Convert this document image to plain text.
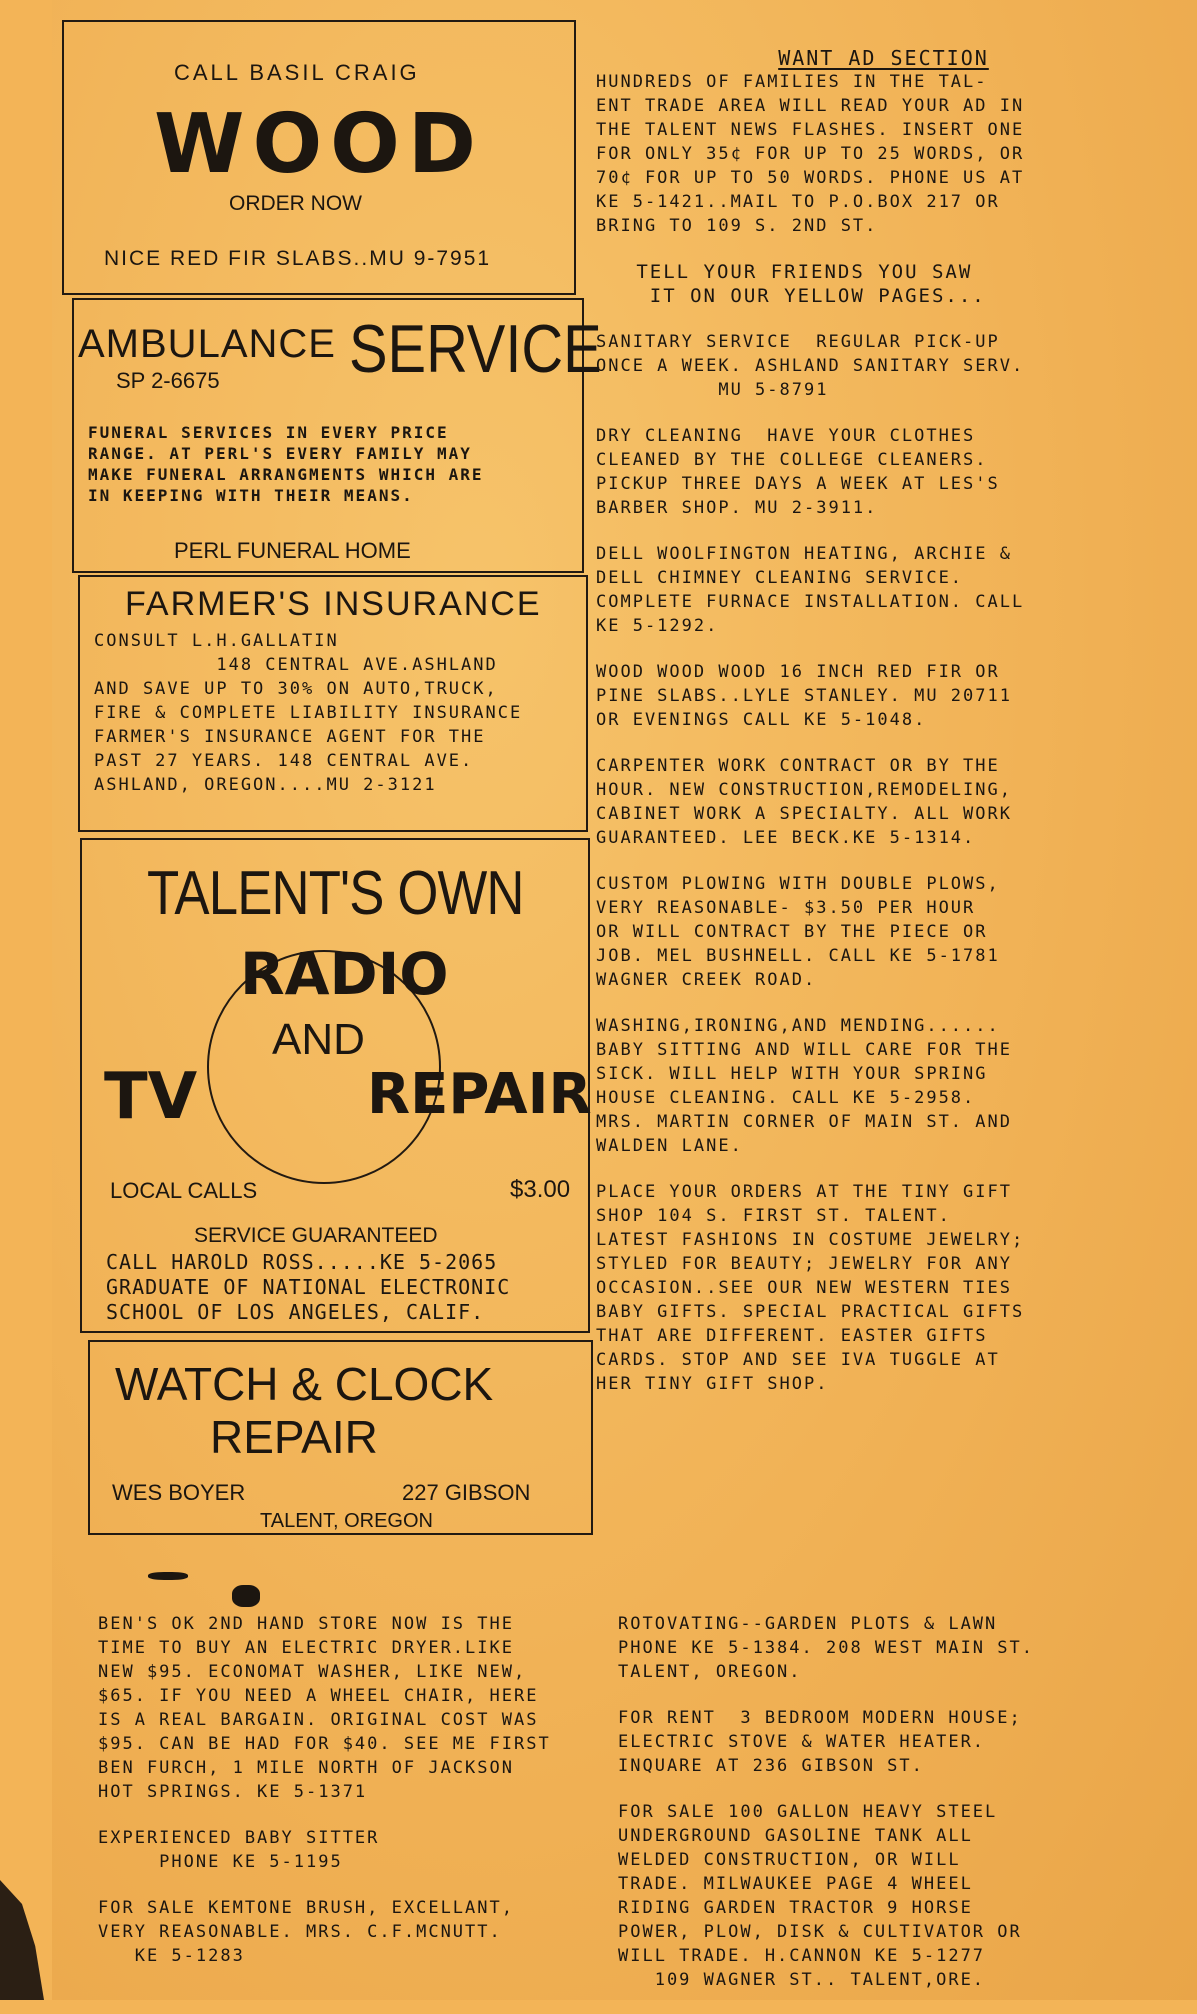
CALL BASIL CRAIG
WOOD
ORDER NOW
NICE RED FIR SLABS..MU 9-7951
AMBULANCE SERVICE
SP 2-6675
FUNERAL SERVICES IN EVERY PRICE
RANGE. AT PERL'S EVERY FAMILY MAY
MAKE FUNERAL ARRANGMENTS WHICH ARE
IN KEEPING WITH THEIR MEANS.
PERL FUNERAL HOME
FARMER'S INSURANCE
CONSULT L.H.GALLATIN
148 CENTRAL AVE.ASHLAND
AND SAVE UP TO 30% ON AUTO,TRUCK,
FIRE & COMPLETE LIABILITY INSURANCE
FARMER'S INSURANCE AGENT FOR THE
PAST 27 YEARS. 148 CENTRAL AVE.
ASHLAND, OREGON....MU 2-3121
TALENT'S OWN
RADIO
AND
TV	REPAIR
LOCAL CALLS	$3.00
SERVICE GUARANTEED
CALL HAROLD ROSS.....KE 5-2065
GRADUATE OF NATIONAL ELECTRONIC
SCHOOL OF LOS ANGELES, CALIF.
WATCH & CLOCK
REPAIR
WES BOYER	227 GIBSON
TALENT, OREGON

WANT AD SECTION

HUNDREDS OF FAMILIES IN THE TAL-
ENT TRADE AREA WILL READ YOUR AD IN
THE TALENT NEWS FLASHES. INSERT ONE
FOR ONLY 35¢ FOR UP TO 25 WORDS, OR
70¢ FOR UP TO 50 WORDS. PHONE US AT
KE 5-1421..MAIL TO P.O.BOX 217 OR
BRING TO 109 S. 2ND ST.

TELL YOUR FRIENDS YOU SAW
IT ON OUR YELLOW PAGES...

SANITARY SERVICE  REGULAR PICK-UP
ONCE A WEEK. ASHLAND SANITARY SERV.
MU 5-8791

DRY CLEANING  HAVE YOUR CLOTHES
CLEANED BY THE COLLEGE CLEANERS.
PICKUP THREE DAYS A WEEK AT LES'S
BARBER SHOP. MU 2-3911.

DELL WOOLFINGTON HEATING, ARCHIE &
DELL CHIMNEY CLEANING SERVICE.
COMPLETE FURNACE INSTALLATION. CALL
KE 5-1292.

WOOD WOOD WOOD 16 INCH RED FIR OR
PINE SLABS..LYLE STANLEY. MU 20711
OR EVENINGS CALL KE 5-1048.

CARPENTER WORK CONTRACT OR BY THE
HOUR. NEW CONSTRUCTION,REMODELING,
CABINET WORK A SPECIALTY. ALL WORK
GUARANTEED. LEE BECK.KE 5-1314.

CUSTOM PLOWING WITH DOUBLE PLOWS,
VERY REASONABLE- $3.50 PER HOUR
OR WILL CONTRACT BY THE PIECE OR
JOB. MEL BUSHNELL. CALL KE 5-1781
WAGNER CREEK ROAD.

WASHING,IRONING,AND MENDING......
BABY SITTING AND WILL CARE FOR THE
SICK. WILL HELP WITH YOUR SPRING
HOUSE CLEANING. CALL KE 5-2958.
MRS. MARTIN CORNER OF MAIN ST. AND
WALDEN LANE.

PLACE YOUR ORDERS AT THE TINY GIFT
SHOP 104 S. FIRST ST. TALENT.
LATEST FASHIONS IN COSTUME JEWELRY;
STYLED FOR BEAUTY; JEWELRY FOR ANY
OCCASION..SEE OUR NEW WESTERN TIES
BABY GIFTS. SPECIAL PRACTICAL GIFTS
THAT ARE DIFFERENT. EASTER GIFTS
CARDS. STOP AND SEE IVA TUGGLE AT
HER TINY GIFT SHOP.

BEN'S OK 2ND HAND STORE NOW IS THE
TIME TO BUY AN ELECTRIC DRYER.LIKE
NEW $95. ECONOMAT WASHER, LIKE NEW,
$65. IF YOU NEED A WHEEL CHAIR, HERE
IS A REAL BARGAIN. ORIGINAL COST WAS
$95. CAN BE HAD FOR $40. SEE ME FIRST
BEN FURCH, 1 MILE NORTH OF JACKSON
HOT SPRINGS. KE 5-1371

EXPERIENCED BABY SITTER
PHONE KE 5-1195

FOR SALE KEMTONE BRUSH, EXCELLANT,
VERY REASONABLE. MRS. C.F.MCNUTT.
KE 5-1283

ROTOVATING--GARDEN PLOTS & LAWN
PHONE KE 5-1384. 208 WEST MAIN ST.
TALENT, OREGON.

FOR RENT  3 BEDROOM MODERN HOUSE;
ELECTRIC STOVE & WATER HEATER.
INQUARE AT 236 GIBSON ST.

FOR SALE 100 GALLON HEAVY STEEL
UNDERGROUND GASOLINE TANK ALL
WELDED CONSTRUCTION, OR WILL
TRADE. MILWAUKEE PAGE 4 WHEEL
RIDING GARDEN TRACTOR 9 HORSE
POWER, PLOW, DISK & CULTIVATOR OR
WILL TRADE. H.CANNON KE 5-1277
109 WAGNER ST.. TALENT,ORE.
